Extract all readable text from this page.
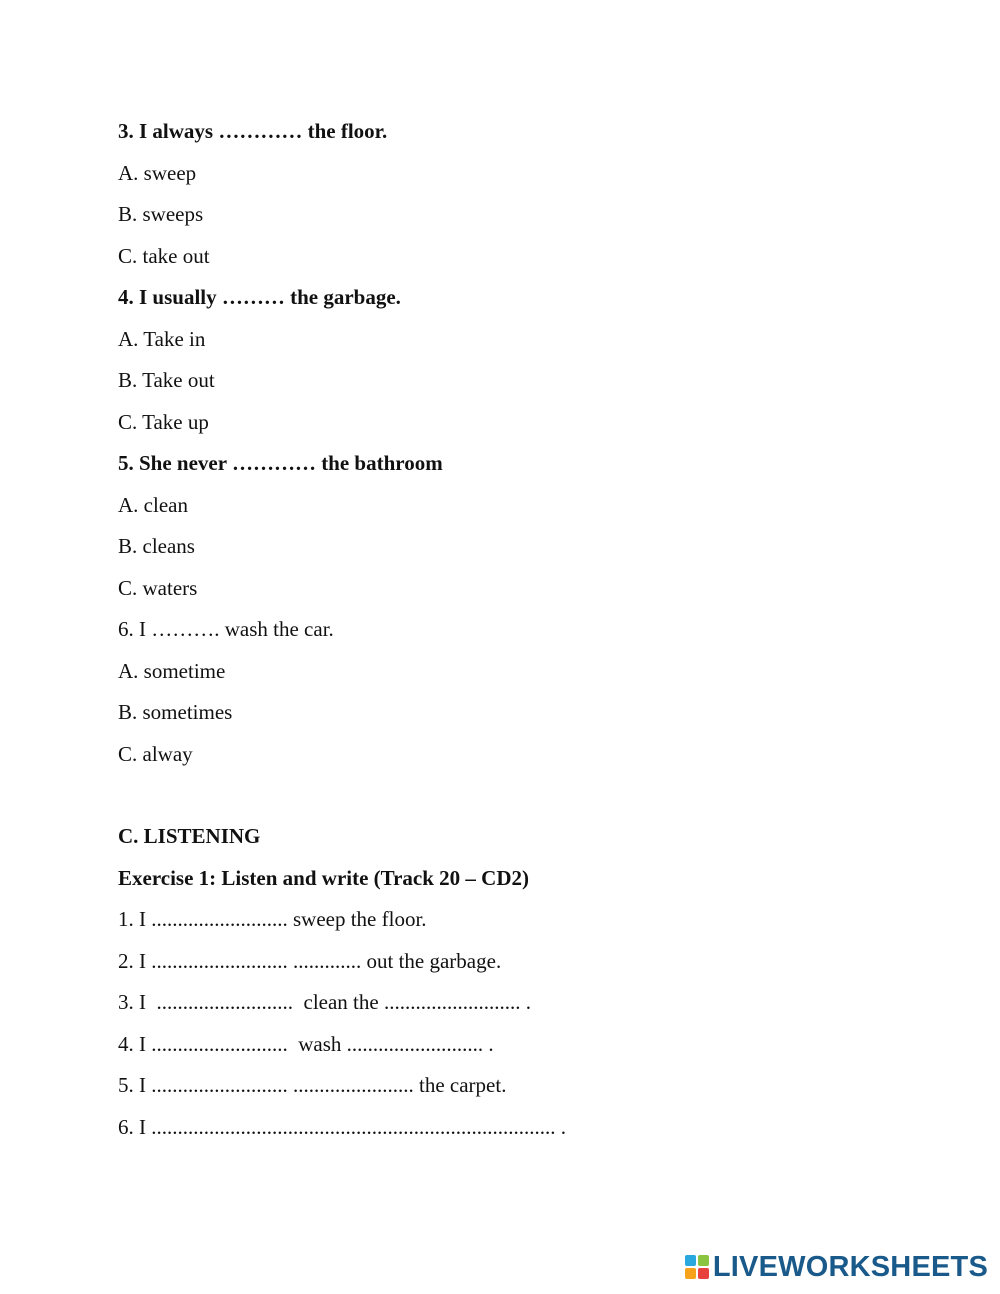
3. I always ………… the floor.
A. sweep
B. sweeps
C. take out
4. I usually ……… the garbage.
A. Take in
B. Take out
C. Take up
5. She never ………… the bathroom
A. clean
B. cleans
C. waters
6. I ………. wash the car.
A. sometime
B. sometimes
C. alway
C. LISTENING
Exercise 1: Listen and write (Track 20 – CD2)
1. I .......................... sweep the floor.
2. I .......................... ............. out the garbage.
3. I  ..........................  clean the .......................... .
4. I ..........................  wash .......................... .
5. I .......................... ....................... the carpet.
6. I ............................................................................. .
LIVEWORKSHEETS
